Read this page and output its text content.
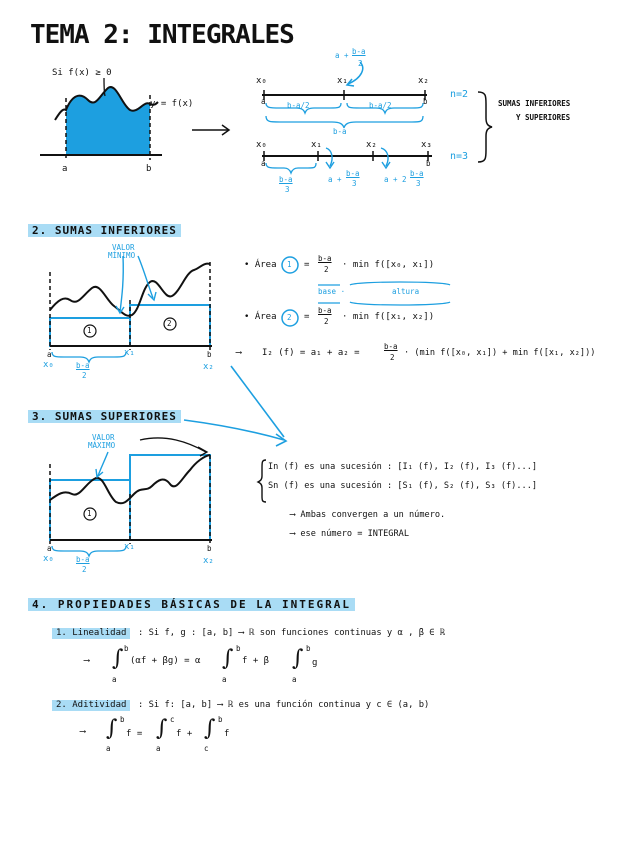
TEMA 2: INTEGRALES
Si f(x) ≥ 0
y = f(x)
a	b
a + b-a
2
x₀	x₁	x₂
a	b
b-a/2	b-a/2
b-a
n=2
x₀	x₁	x₂	x₃
a	b
b-a
3
a +
b-a
3	a + 2
b-a
3
n=3
SUMAS INFERIORES
Y SUPERIORES
2. SUMAS INFERIORES
VALOR
MÍNIMO
1
2
a	b
x₀
x₁
x₂
b-a
2
• Área 1 =
b-a
2 · min f([x₀, x₁])
base ·	altura
• Área 2 =
b-a
2 · min f([x₁, x₂])
⟶ I₂ (f) = a₁ + a₂ =
b-a
2 · (min f([x₀, x₁]) + min f([x₁, x₂]))
3. SUMAS SUPERIORES
VALOR
MÁXIMO
1
a	b
x₀
x₁
x₂
b-a
2
In (f) es una sucesión : [I₁ (f), I₂ (f), I₃ (f)...]
Sn (f) es una sucesión : [S₁ (f), S₂ (f), S₃ (f)...]
⟶ Ambas convergen a un número.
⟶ ese número = INTEGRAL
4. PROPIEDADES BÁSICAS DE LA INTEGRAL
1. Linealidad	: Si f, g : [a, b] ⟶ ℝ son funciones continuas y α , β ∈ ℝ
⟶ ∫
a
b
(αf + βg) = α ∫
a
b
f + β ∫
a
b
g
2. Aditividad	: Si f: [a, b] ⟶ ℝ es una función continua y c ∈ (a, b)
⟶ ∫
a
b
f = ∫
a
c
f + ∫
c
b
f
